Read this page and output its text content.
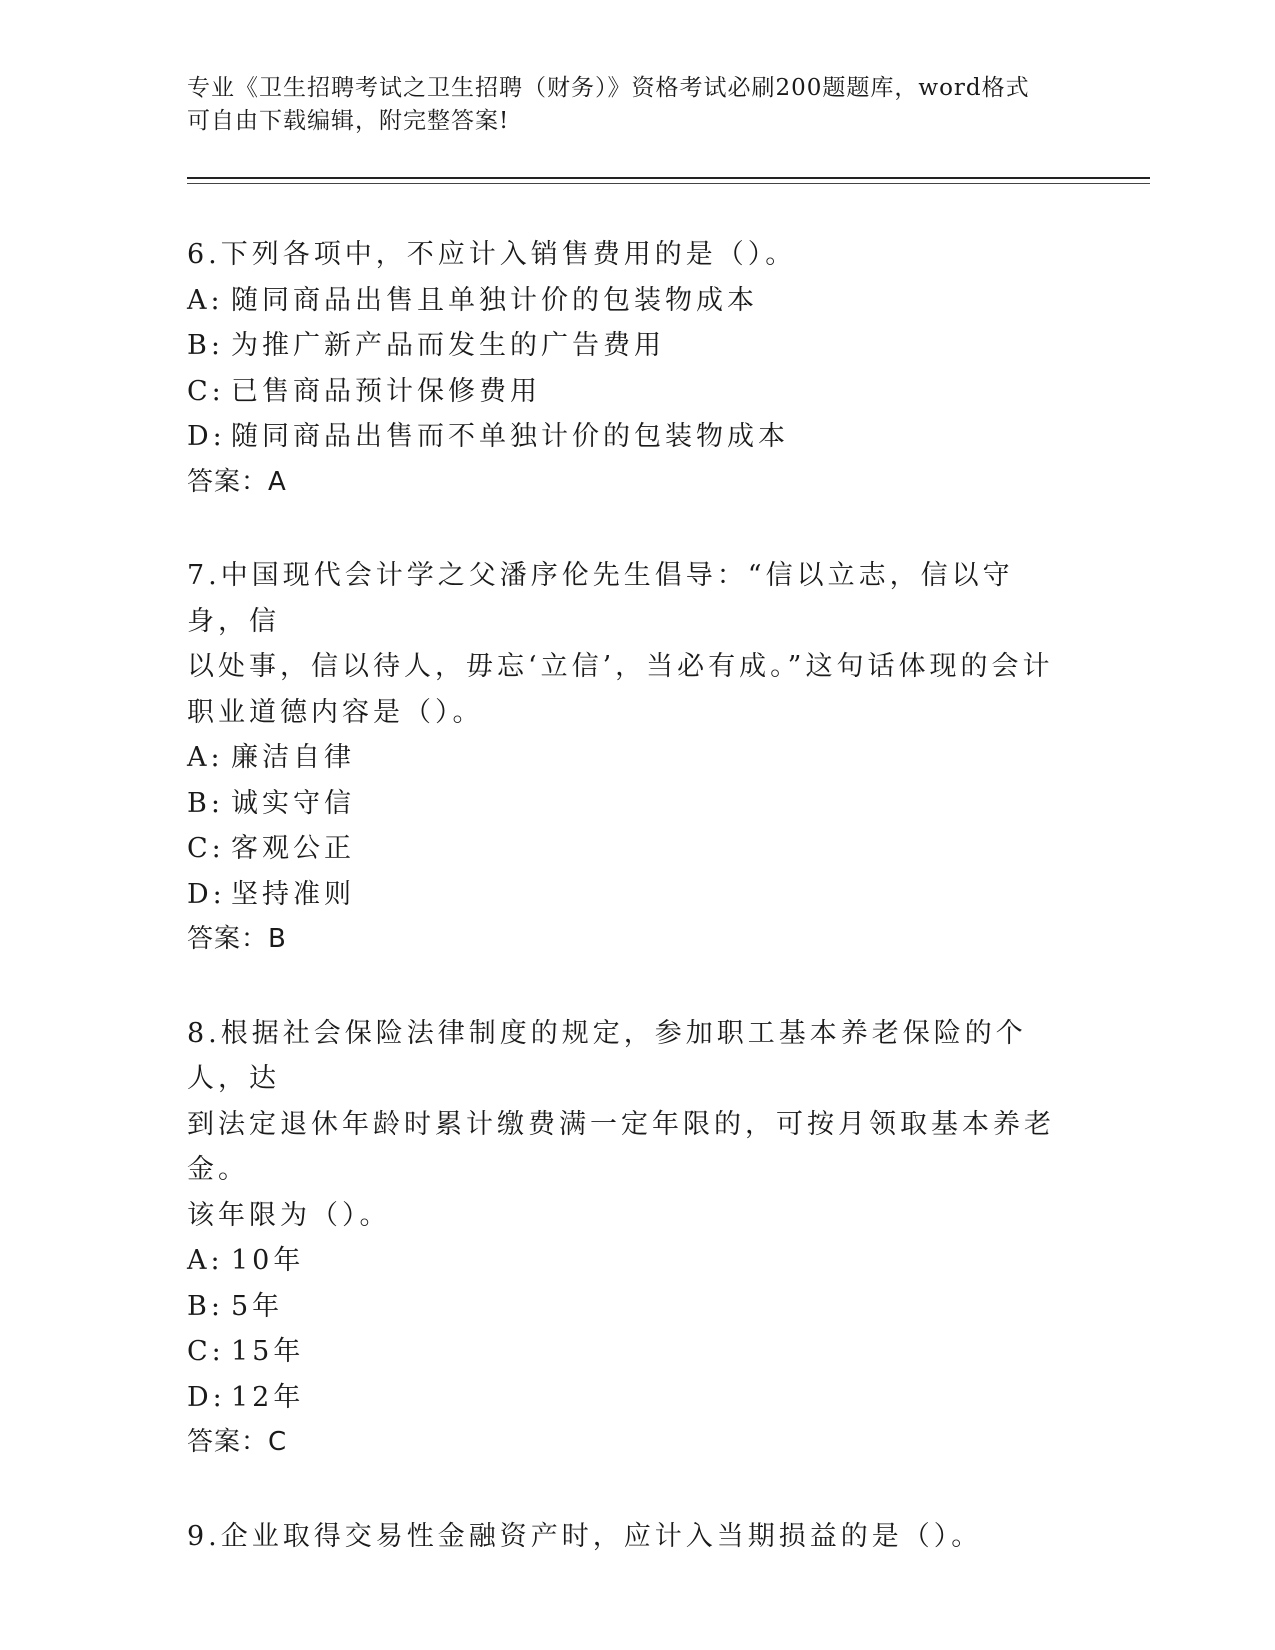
专业《卫生招聘考试之卫生招聘（财务）》资格考试必刷200题题库，word格式
可自由下载编辑，附完整答案!
6.下列各项中，不应计入销售费用的是（）。
A: 随同商品出售且单独计价的包装物成本
B: 为推广新产品而发生的广告费用
C: 已售商品预计保修费用
D: 随同商品出售而不单独计价的包装物成本
答案：A
7.中国现代会计学之父潘序伦先生倡导：“信以立志，信以守身，信
以处事，信以待人，毋忘‘立信’，当必有成。”这句话体现的会计
职业道德内容是（）。
A: 廉洁自律
B: 诚实守信
C: 客观公正
D: 坚持准则
答案：B
8.根据社会保险法律制度的规定，参加职工基本养老保险的个人，达
到法定退休年龄时累计缴费满一定年限的，可按月领取基本养老金。
该年限为（）。
A: 10年
B: 5年
C: 15年
D: 12年
答案：C
9.企业取得交易性金融资产时，应计入当期损益的是（）。
